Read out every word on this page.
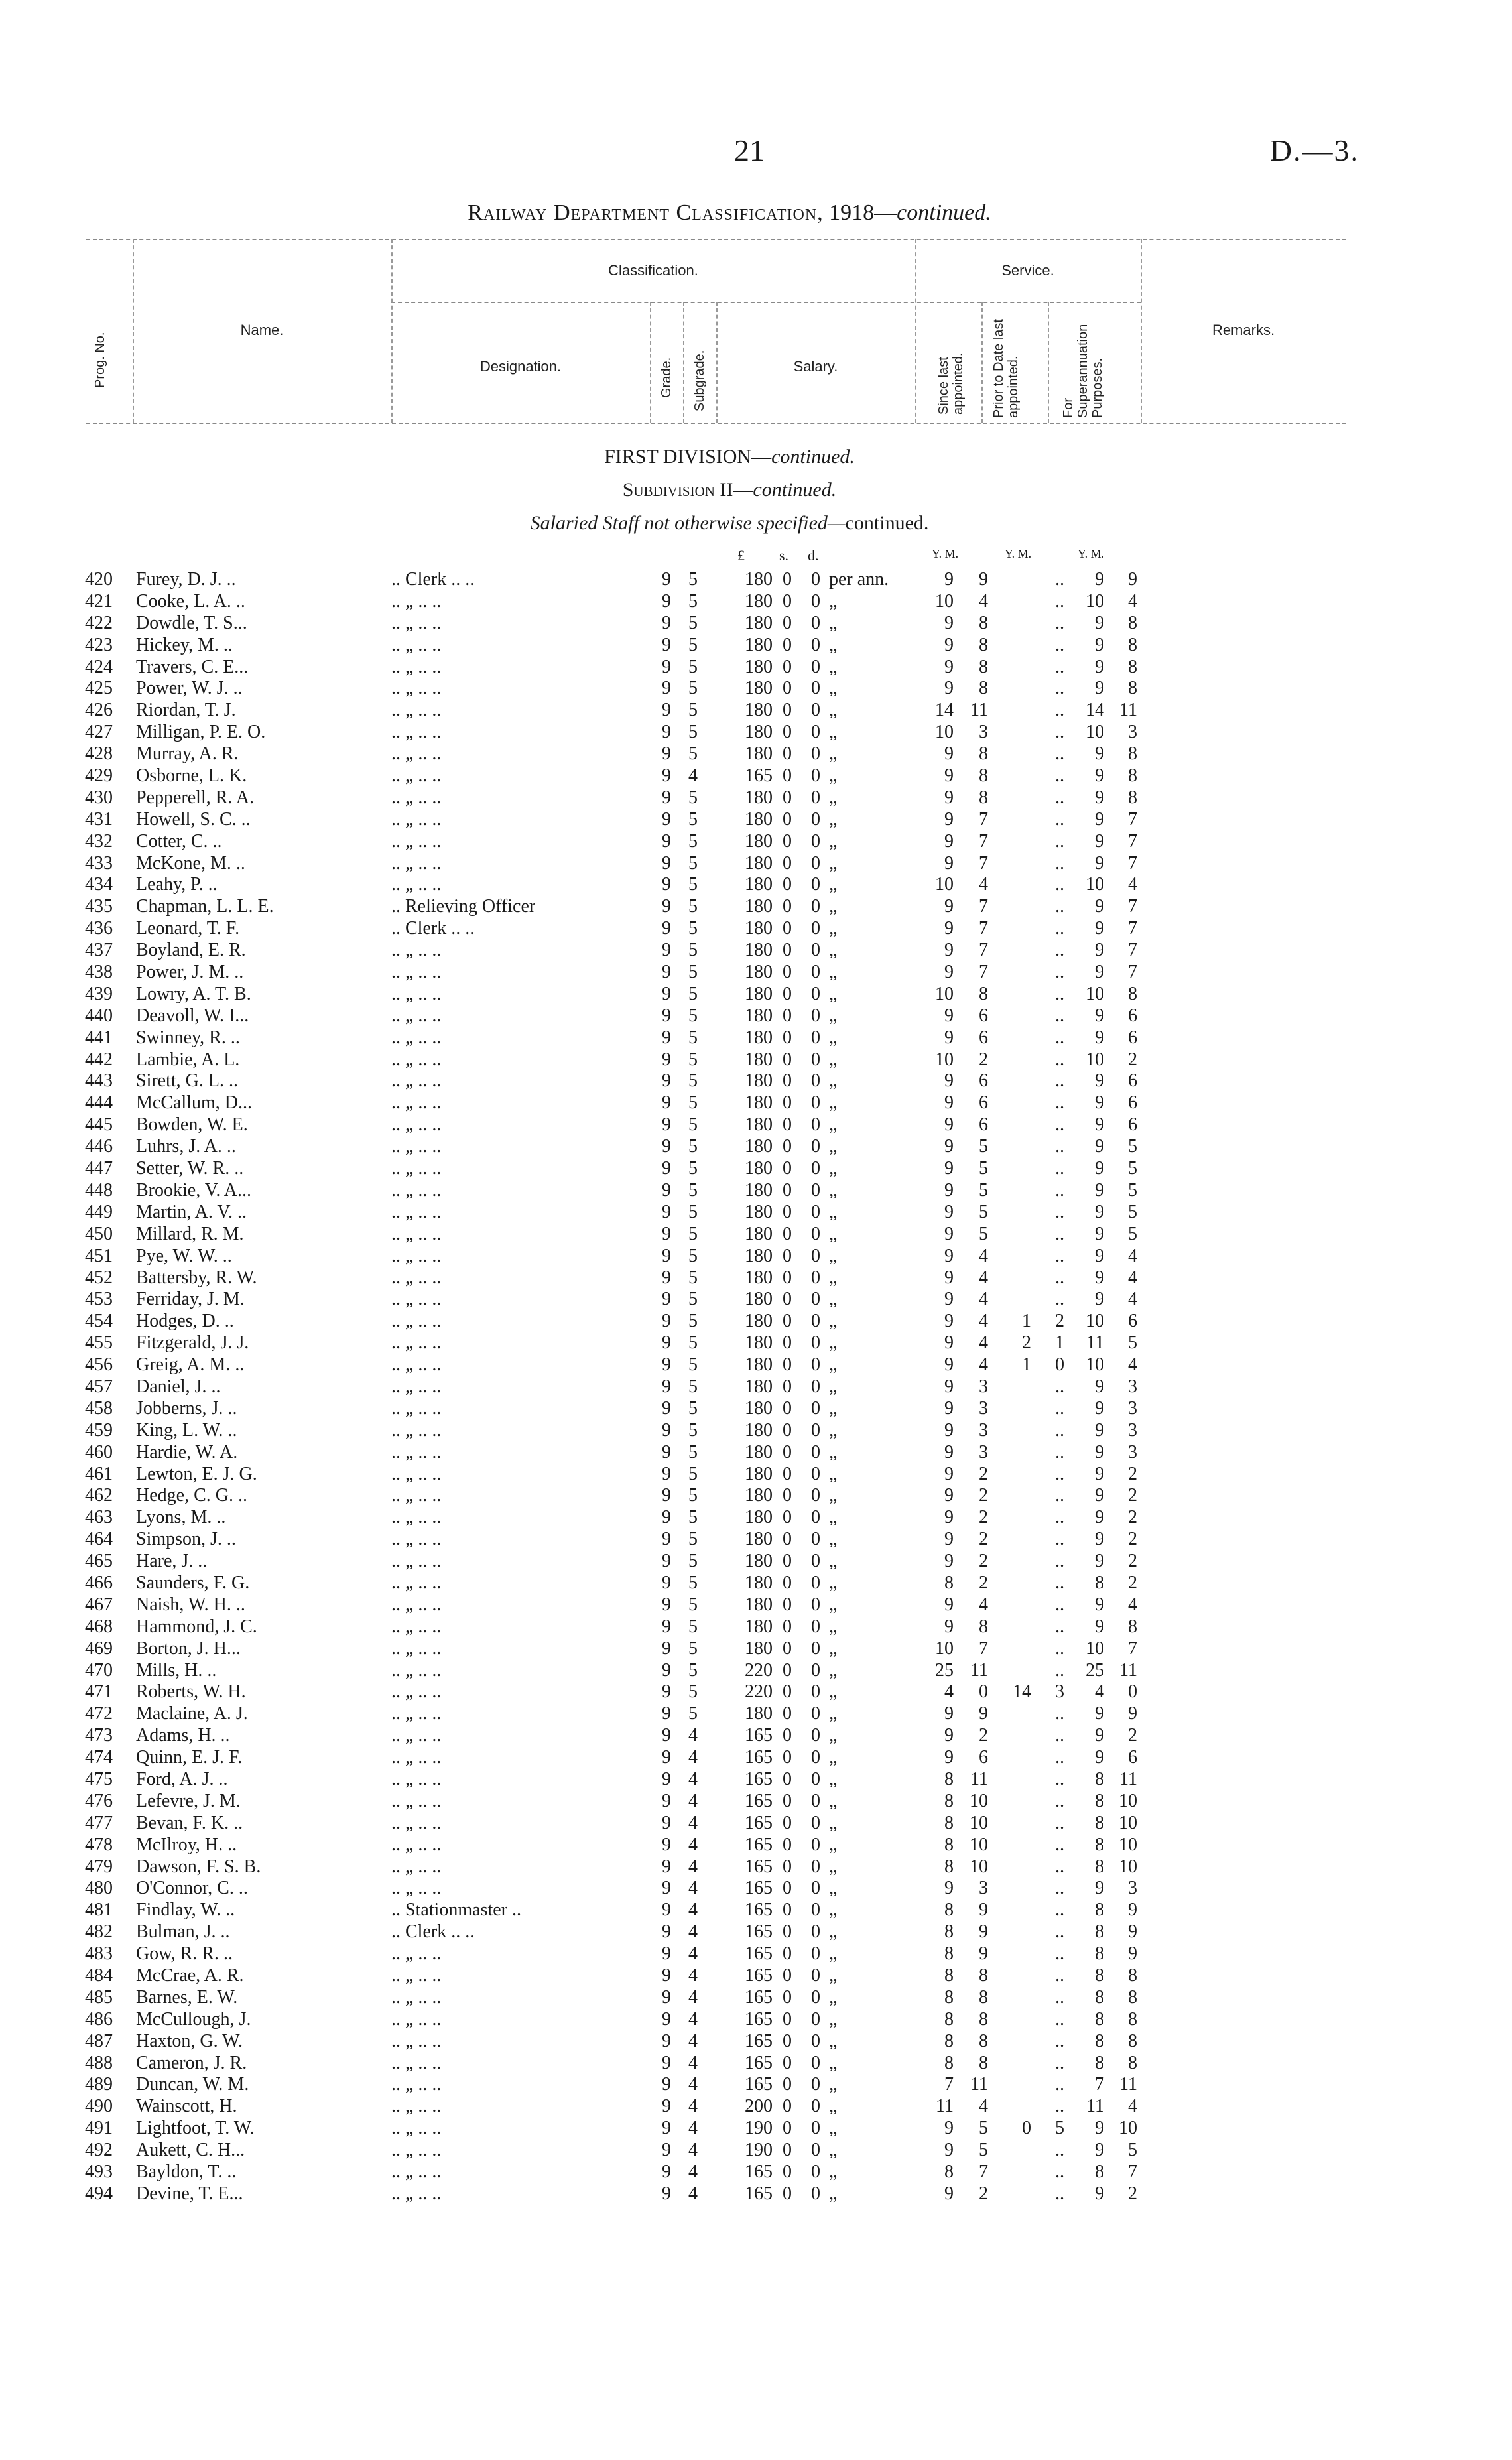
21	D.—3.
Railway Department Classification, 1918—continued.
Prog. No.
Name.
Classification.
Designation.	Grade. Subgrade.	Salary.
Service.
Since last appointed. Prior to Date last appointed.	For Superannuation Purposes.
Remarks.
FIRST DIVISION—continued.
Subdivision II—continued.
Salaried Staff not otherwise specified—continued.
£ s. d.	Y. M.	Y. M.	Y. M.
420	Furey, D. J. ..	.. Clerk .. ..	9 5	180 0 0 per ann.	9	9	..	9	9
421	Cooke, L. A. ..	.. „ .. ..	9 5	180 0 0 „	10	4	..	10	4
422	Dowdle, T. S...	.. „ .. ..	9 5	180 0 0 „	9	8	..	9	8
423	Hickey, M. ..	.. „ .. ..	9 5	180 0 0 „	9	8	..	9	8
424	Travers, C. E...	.. „ .. ..	9 5	180 0 0 „	9	8	..	9	8
425	Power, W. J. ..	.. „ .. ..	9 5	180 0 0 „	9	8	..	9	8
426	Riordan, T. J.	.. „ .. ..	9 5	180 0 0 „	14 11	..	14 11
427	Milligan, P. E. O.	.. „ .. ..	9 5	180 0 0 „	10	3	..	10	3
428	Murray, A. R.	.. „ .. ..	9 5	180 0 0 „	9	8	..	9	8
429	Osborne, L. K.	.. „ .. ..	9 4	165 0 0 „	9	8	..	9	8
430	Pepperell, R. A.	.. „ .. ..	9 5	180 0 0 „	9	8	..	9	8
431	Howell, S. C. ..	.. „ .. ..	9 5	180 0 0 „	9	7	..	9	7
432	Cotter, C. ..	.. „ .. ..	9 5	180 0 0 „	9	7	..	9	7
433	McKone, M. ..	.. „ .. ..	9 5	180 0 0 „	9	7	..	9	7
434	Leahy, P. ..	.. „ .. ..	9 5	180 0 0 „	10	4	..	10	4
435	Chapman, L. L. E.	.. Relieving Officer	9 5	180 0 0 „	9	7	..	9	7
436	Leonard, T. F.	.. Clerk .. ..	9 5	180 0 0 „	9	7	..	9	7
437	Boyland, E. R.	.. „ .. ..	9 5	180 0 0 „	9	7	..	9	7
438	Power, J. M. ..	.. „ .. ..	9 5	180 0 0 „	9	7	..	9	7
439	Lowry, A. T. B.	.. „ .. ..	9 5	180 0 0 „	10	8	..	10	8
440	Deavoll, W. I...	.. „ .. ..	9 5	180 0 0 „	9	6	..	9	6
441	Swinney, R. ..	.. „ .. ..	9 5	180 0 0 „	9	6	..	9	6
442	Lambie, A. L.	.. „ .. ..	9 5	180 0 0 „	10	2	..	10	2
443	Sirett, G. L. ..	.. „ .. ..	9 5	180 0 0 „	9	6	..	9	6
444	McCallum, D...	.. „ .. ..	9 5	180 0 0 „	9	6	..	9	6
445	Bowden, W. E.	.. „ .. ..	9 5	180 0 0 „	9	6	..	9	6
446	Luhrs, J. A. ..	.. „ .. ..	9 5	180 0 0 „	9	5	..	9	5
447	Setter, W. R. ..	.. „ .. ..	9 5	180 0 0 „	9	5	..	9	5
448	Brookie, V. A...	.. „ .. ..	9 5	180 0 0 „	9	5	..	9	5
449	Martin, A. V. ..	.. „ .. ..	9 5	180 0 0 „	9	5	..	9	5
450	Millard, R. M.	.. „ .. ..	9 5	180 0 0 „	9	5	..	9	5
451	Pye, W. W. ..	.. „ .. ..	9 5	180 0 0 „	9	4	..	9	4
452	Battersby, R. W.	.. „ .. ..	9 5	180 0 0 „	9	4	..	9	4
453	Ferriday, J. M.	.. „ .. ..	9 5	180 0 0 „	9	4	..	9	4
454	Hodges, D. ..	.. „ .. ..	9 5	180 0 0 „	9	4	1	2	10	6
455	Fitzgerald, J. J.	.. „ .. ..	9 5	180 0 0 „	9	4	2	1	11	5
456	Greig, A. M. ..	.. „ .. ..	9 5	180 0 0 „	9	4	1	0	10	4
457	Daniel, J. ..	.. „ .. ..	9 5	180 0 0 „	9	3	..	9	3
458	Jobberns, J. ..	.. „ .. ..	9 5	180 0 0 „	9	3	..	9	3
459	King, L. W. ..	.. „ .. ..	9 5	180 0 0 „	9	3	..	9	3
460	Hardie, W. A.	.. „ .. ..	9 5	180 0 0 „	9	3	..	9	3
461	Lewton, E. J. G.	.. „ .. ..	9 5	180 0 0 „	9	2	..	9	2
462	Hedge, C. G. ..	.. „ .. ..	9 5	180 0 0 „	9	2	..	9	2
463	Lyons, M. ..	.. „ .. ..	9 5	180 0 0 „	9	2	..	9	2
464	Simpson, J. ..	.. „ .. ..	9 5	180 0 0 „	9	2	..	9	2
465	Hare, J. ..	.. „ .. ..	9 5	180 0 0 „	9	2	..	9	2
466	Saunders, F. G.	.. „ .. ..	9 5	180 0 0 „	8	2	..	8	2
467	Naish, W. H. ..	.. „ .. ..	9 5	180 0 0 „	9	4	..	9	4
468	Hammond, J. C.	.. „ .. ..	9 5	180 0 0 „	9	8	..	9	8
469	Borton, J. H...	.. „ .. ..	9 5	180 0 0 „	10	7	..	10	7
470	Mills, H. ..	.. „ .. ..	9 5	220 0 0 „	25 11	..	25 11
471	Roberts, W. H.	.. „ .. ..	9 5	220 0 0 „	4	0	14	3	4	0
472	Maclaine, A. J.	.. „ .. ..	9 5	180 0 0 „	9	9	..	9	9
473	Adams, H. ..	.. „ .. ..	9 4	165 0 0 „	9	2	..	9	2
474	Quinn, E. J. F.	.. „ .. ..	9 4	165 0 0 „	9	6	..	9	6
475	Ford, A. J. ..	.. „ .. ..	9 4	165 0 0 „	8 11	..	8 11
476	Lefevre, J. M.	.. „ .. ..	9 4	165 0 0 „	8 10	..	8 10
477	Bevan, F. K. ..	.. „ .. ..	9 4	165 0 0 „	8 10	..	8 10
478	McIlroy, H. ..	.. „ .. ..	9 4	165 0 0 „	8 10	..	8 10
479	Dawson, F. S. B.	.. „ .. ..	9 4	165 0 0 „	8 10	..	8 10
480	O'Connor, C. ..	.. „ .. ..	9 4	165 0 0 „	9	3	..	9	3
481	Findlay, W. ..	.. Stationmaster ..	9 4	165 0 0 „	8	9	..	8	9
482	Bulman, J. ..	.. Clerk .. ..	9 4	165 0 0 „	8	9	..	8	9
483	Gow, R. R. ..	.. „ .. ..	9 4	165 0 0 „	8	9	..	8	9
484	McCrae, A. R.	.. „ .. ..	9 4	165 0 0 „	8	8	..	8	8
485	Barnes, E. W.	.. „ .. ..	9 4	165 0 0 „	8	8	..	8	8
486	McCullough, J.	.. „ .. ..	9 4	165 0 0 „	8	8	..	8	8
487	Haxton, G. W.	.. „ .. ..	9 4	165 0 0 „	8	8	..	8	8
488	Cameron, J. R.	.. „ .. ..	9 4	165 0 0 „	8	8	..	8	8
489	Duncan, W. M.	.. „ .. ..	9 4	165 0 0 „	7 11	..	7 11
490	Wainscott, H.	.. „ .. ..	9 4	200 0 0 „	11	4	..	11	4
491	Lightfoot, T. W.	.. „ .. ..	9 4	190 0 0 „	9	5	0	5	9 10
492	Aukett, C. H...	.. „ .. ..	9 4	190 0 0 „	9	5	..	9	5
493	Bayldon, T. ..	.. „ .. ..	9 4	165 0 0 „	8	7	..	8	7
494	Devine, T. E...	.. „ .. ..	9 4	165 0 0 „	9	2	..	9	2
